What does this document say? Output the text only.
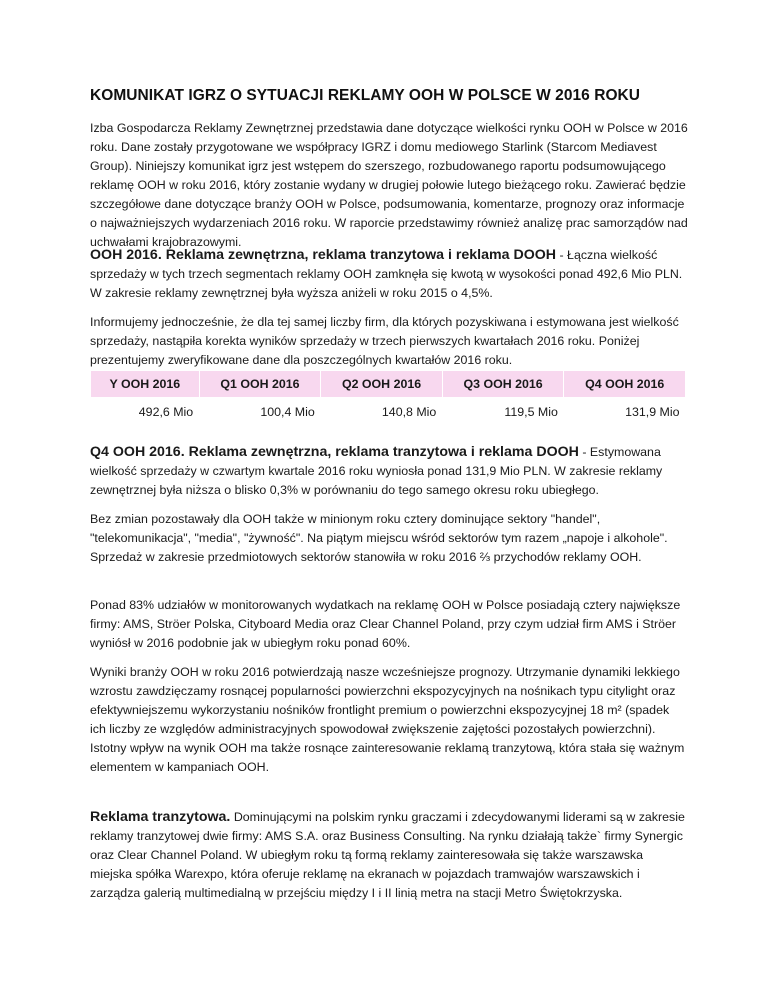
KOMUNIKAT IGRZ O SYTUACJI REKLAMY OOH W POLSCE W 2016 ROKU

Izba Gospodarcza Reklamy Zewnętrznej przedstawia dane dotyczące wielkości rynku OOH w Polsce w 2016 roku. Dane zostały przygotowane we współpracy IGRZ i domu mediowego Starlink (Starcom Mediavest Group). Niniejszy komunikat igrz jest wstępem do szerszego, rozbudowanego raportu podsumowującego reklamę OOH w roku 2016, który zostanie wydany w drugiej połowie lutego bieżącego roku. Zawierać będzie szczegółowe dane dotyczące branży OOH w Polsce, podsumowania, komentarze, prognozy oraz informacje o najważniejszych wydarzeniach 2016 roku. W raporcie przedstawimy również analizę prac samorządów nad uchwałami krajobrazowymi.

OOH 2016. Reklama zewnętrzna, reklama tranzytowa i reklama DOOH - Łączna wielkość sprzedaży w tych trzech segmentach reklamy OOH zamknęła się kwotą w wysokości ponad 492,6 Mio PLN. W zakresie reklamy zewnętrznej była wyższa aniżeli w roku 2015 o 4,5%.

Informujemy jednocześnie, że dla tej samej liczby firm, dla których pozyskiwana i estymowana jest wielkość sprzedaży, nastąpiła korekta wyników sprzedaży w trzech pierwszych kwartałach 2016 roku. Poniżej prezentujemy zweryfikowane dane dla poszczególnych kwartałów 2016 roku.

Y OOH 2016	Q1 OOH 2016	Q2 OOH 2016	Q3 OOH 2016	Q4 OOH 2016
492,6 Mio	100,4 Mio	140,8 Mio	119,5 Mio	131,9 Mio

Q4 OOH 2016. Reklama zewnętrzna, reklama tranzytowa i reklama DOOH - Estymowana wielkość sprzedaży w czwartym kwartale 2016 roku wyniosła ponad 131,9 Mio PLN. W zakresie reklamy zewnętrznej była niższa o blisko 0,3% w porównaniu do tego samego okresu roku ubiegłego.

Bez zmian pozostawały dla OOH także w minionym roku cztery dominujące sektory "handel", "telekomunikacja", "media", "żywność". Na piątym miejscu wśród sektorów tym razem „napoje i alkohole". Sprzedaż w zakresie przedmiotowych sektorów stanowiła w roku 2016 ⅔ przychodów reklamy OOH.

Ponad 83% udziałów w monitorowanych wydatkach na reklamę OOH w Polsce posiadają cztery największe firmy: AMS, Ströer Polska, Cityboard Media oraz Clear Channel Poland, przy czym udział firm AMS i Ströer wyniósł w 2016 podobnie jak w ubiegłym roku ponad 60%.

Wyniki branży OOH w roku 2016 potwierdzają nasze wcześniejsze prognozy. Utrzymanie dynamiki lekkiego wzrostu zawdzięczamy rosnącej popularności powierzchni ekspozycyjnych na nośnikach typu citylight oraz efektywniejszemu wykorzystaniu nośników frontlight premium o powierzchni ekspozycyjnej 18 m² (spadek ich liczby ze względów administracyjnych spowodował zwiększenie zajętości pozostałych powierzchni). Istotny wpływ na wynik OOH ma także rosnące zainteresowanie reklamą tranzytową, która stała się ważnym elementem w kampaniach OOH.

Reklama tranzytowa. Dominującymi na polskim rynku graczami i zdecydowanymi liderami są w zakresie reklamy tranzytowej dwie firmy: AMS S.A. oraz Business Consulting. Na rynku działają także` firmy Synergic oraz Clear Channel Poland. W ubiegłym roku tą formą reklamy zainteresowała się także warszawska miejska spółka Warexpo, która oferuje reklamę na ekranach w pojazdach tramwajów warszawskich i zarządza galerią multimedialną w przejściu między I i II linią metra na stacji Metro Świętokrzyska.
